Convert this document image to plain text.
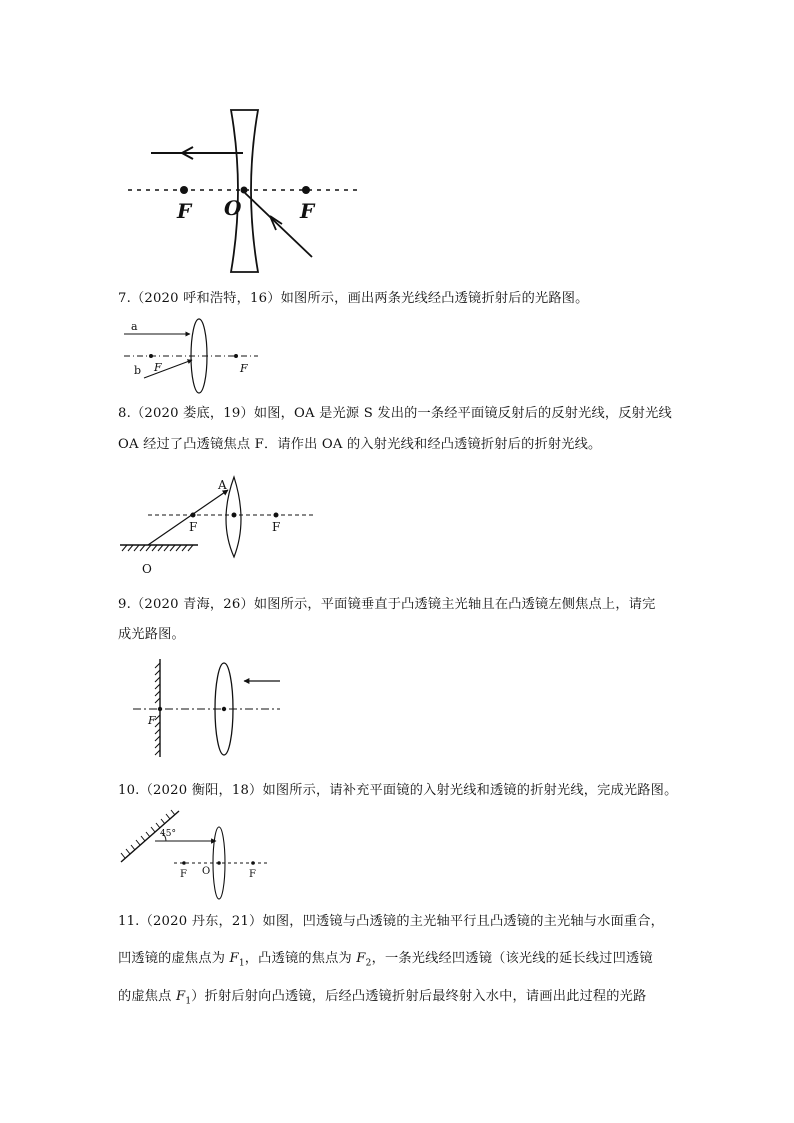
F O	F
7.（2020 呼和浩特，16）如图所示，画出两条光线经凸透镜折射后的光路图。
a
b F	F
8.（2020 娄底，19）如图，OA 是光源 S 发出的一条经平面镜反射后的反射光线，反射光线
OA 经过了凸透镜焦点 F．请作出 OA 的入射光线和经凸透镜折射后的折射光线。
A
F	F
O
9.（2020 青海，26）如图所示，平面镜垂直于凸透镜主光轴且在凸透镜左侧焦点上，请完
成光路图。
F
10.（2020 衡阳，18）如图所示，请补充平面镜的入射光线和透镜的折射光线，完成光路图。
45°
F O	F
11.（2020 丹东，21）如图，凹透镜与凸透镜的主光轴平行且凸透镜的主光轴与水面重合，
凹透镜的虚焦点为 $F_1$，凸透镜的焦点为 $F_2$，一条光线经凹透镜（该光线的延长线过凹透镜
的虚焦点 $F_1$）折射后射向凸透镜，后经凸透镜折射后最终射入水中，请画出此过程的光路
